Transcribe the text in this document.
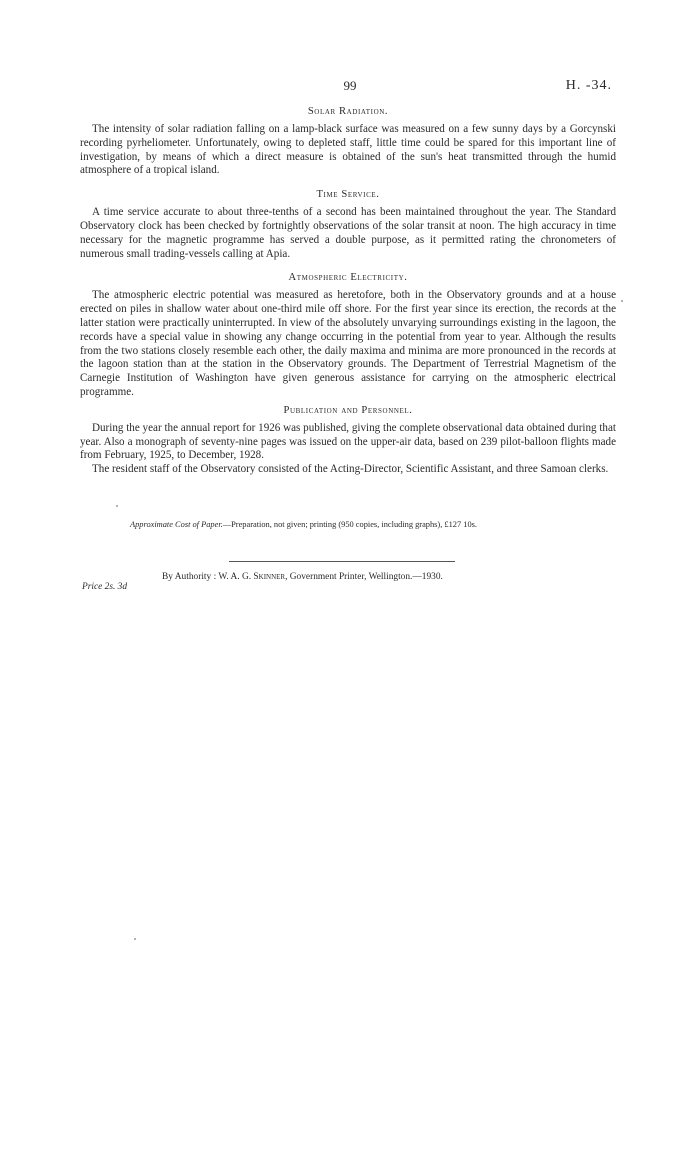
99	H. -34.
Solar Radiation.

The intensity of solar radiation falling on a lamp-black surface was measured on a few sunny days by a Gorcynski recording pyrheliometer. Unfortunately, owing to depleted staff, little time could be spared for this important line of investigation, by means of which a direct measure is obtained of the sun's heat transmitted through the humid atmosphere of a tropical island.

Time Service.

A time service accurate to about three-tenths of a second has been maintained throughout the year. The Standard Observatory clock has been checked by fortnightly observations of the solar transit at noon. The high accuracy in time necessary for the magnetic programme has served a double purpose, as it permitted rating the chronometers of numerous small trading-vessels calling at Apia.

Atmospheric Electricity.

The atmospheric electric potential was measured as heretofore, both in the Observatory grounds and at a house erected on piles in shallow water about one-third mile off shore. For the first year since its erection, the records at the latter station were practically uninterrupted. In view of the absolutely unvarying surroundings existing in the lagoon, the records have a special value in showing any change occurring in the potential from year to year. Although the results from the two stations closely resemble each other, the daily maxima and minima are more pronounced in the records at the lagoon station than at the station in the Observatory grounds. The Department of Terrestrial Magnetism of the Carnegie Institution of Washington have given generous assistance for carrying on the atmospheric electrical programme.

Publication and Personnel.

During the year the annual report for 1926 was published, giving the complete observational data obtained during that year. Also a monograph of seventy-nine pages was issued on the upper-air data, based on 239 pilot-balloon flights made from February, 1925, to December, 1928.

The resident staff of the Observatory consisted of the Acting-Director, Scientific Assistant, and three Samoan clerks.

Approximate Cost of Paper.—Preparation, not given; printing (950 copies, including graphs), £127 10s.
By Authority : W. A. G. Skinner, Government Printer, Wellington.—1930.
Price 2s. 3d
